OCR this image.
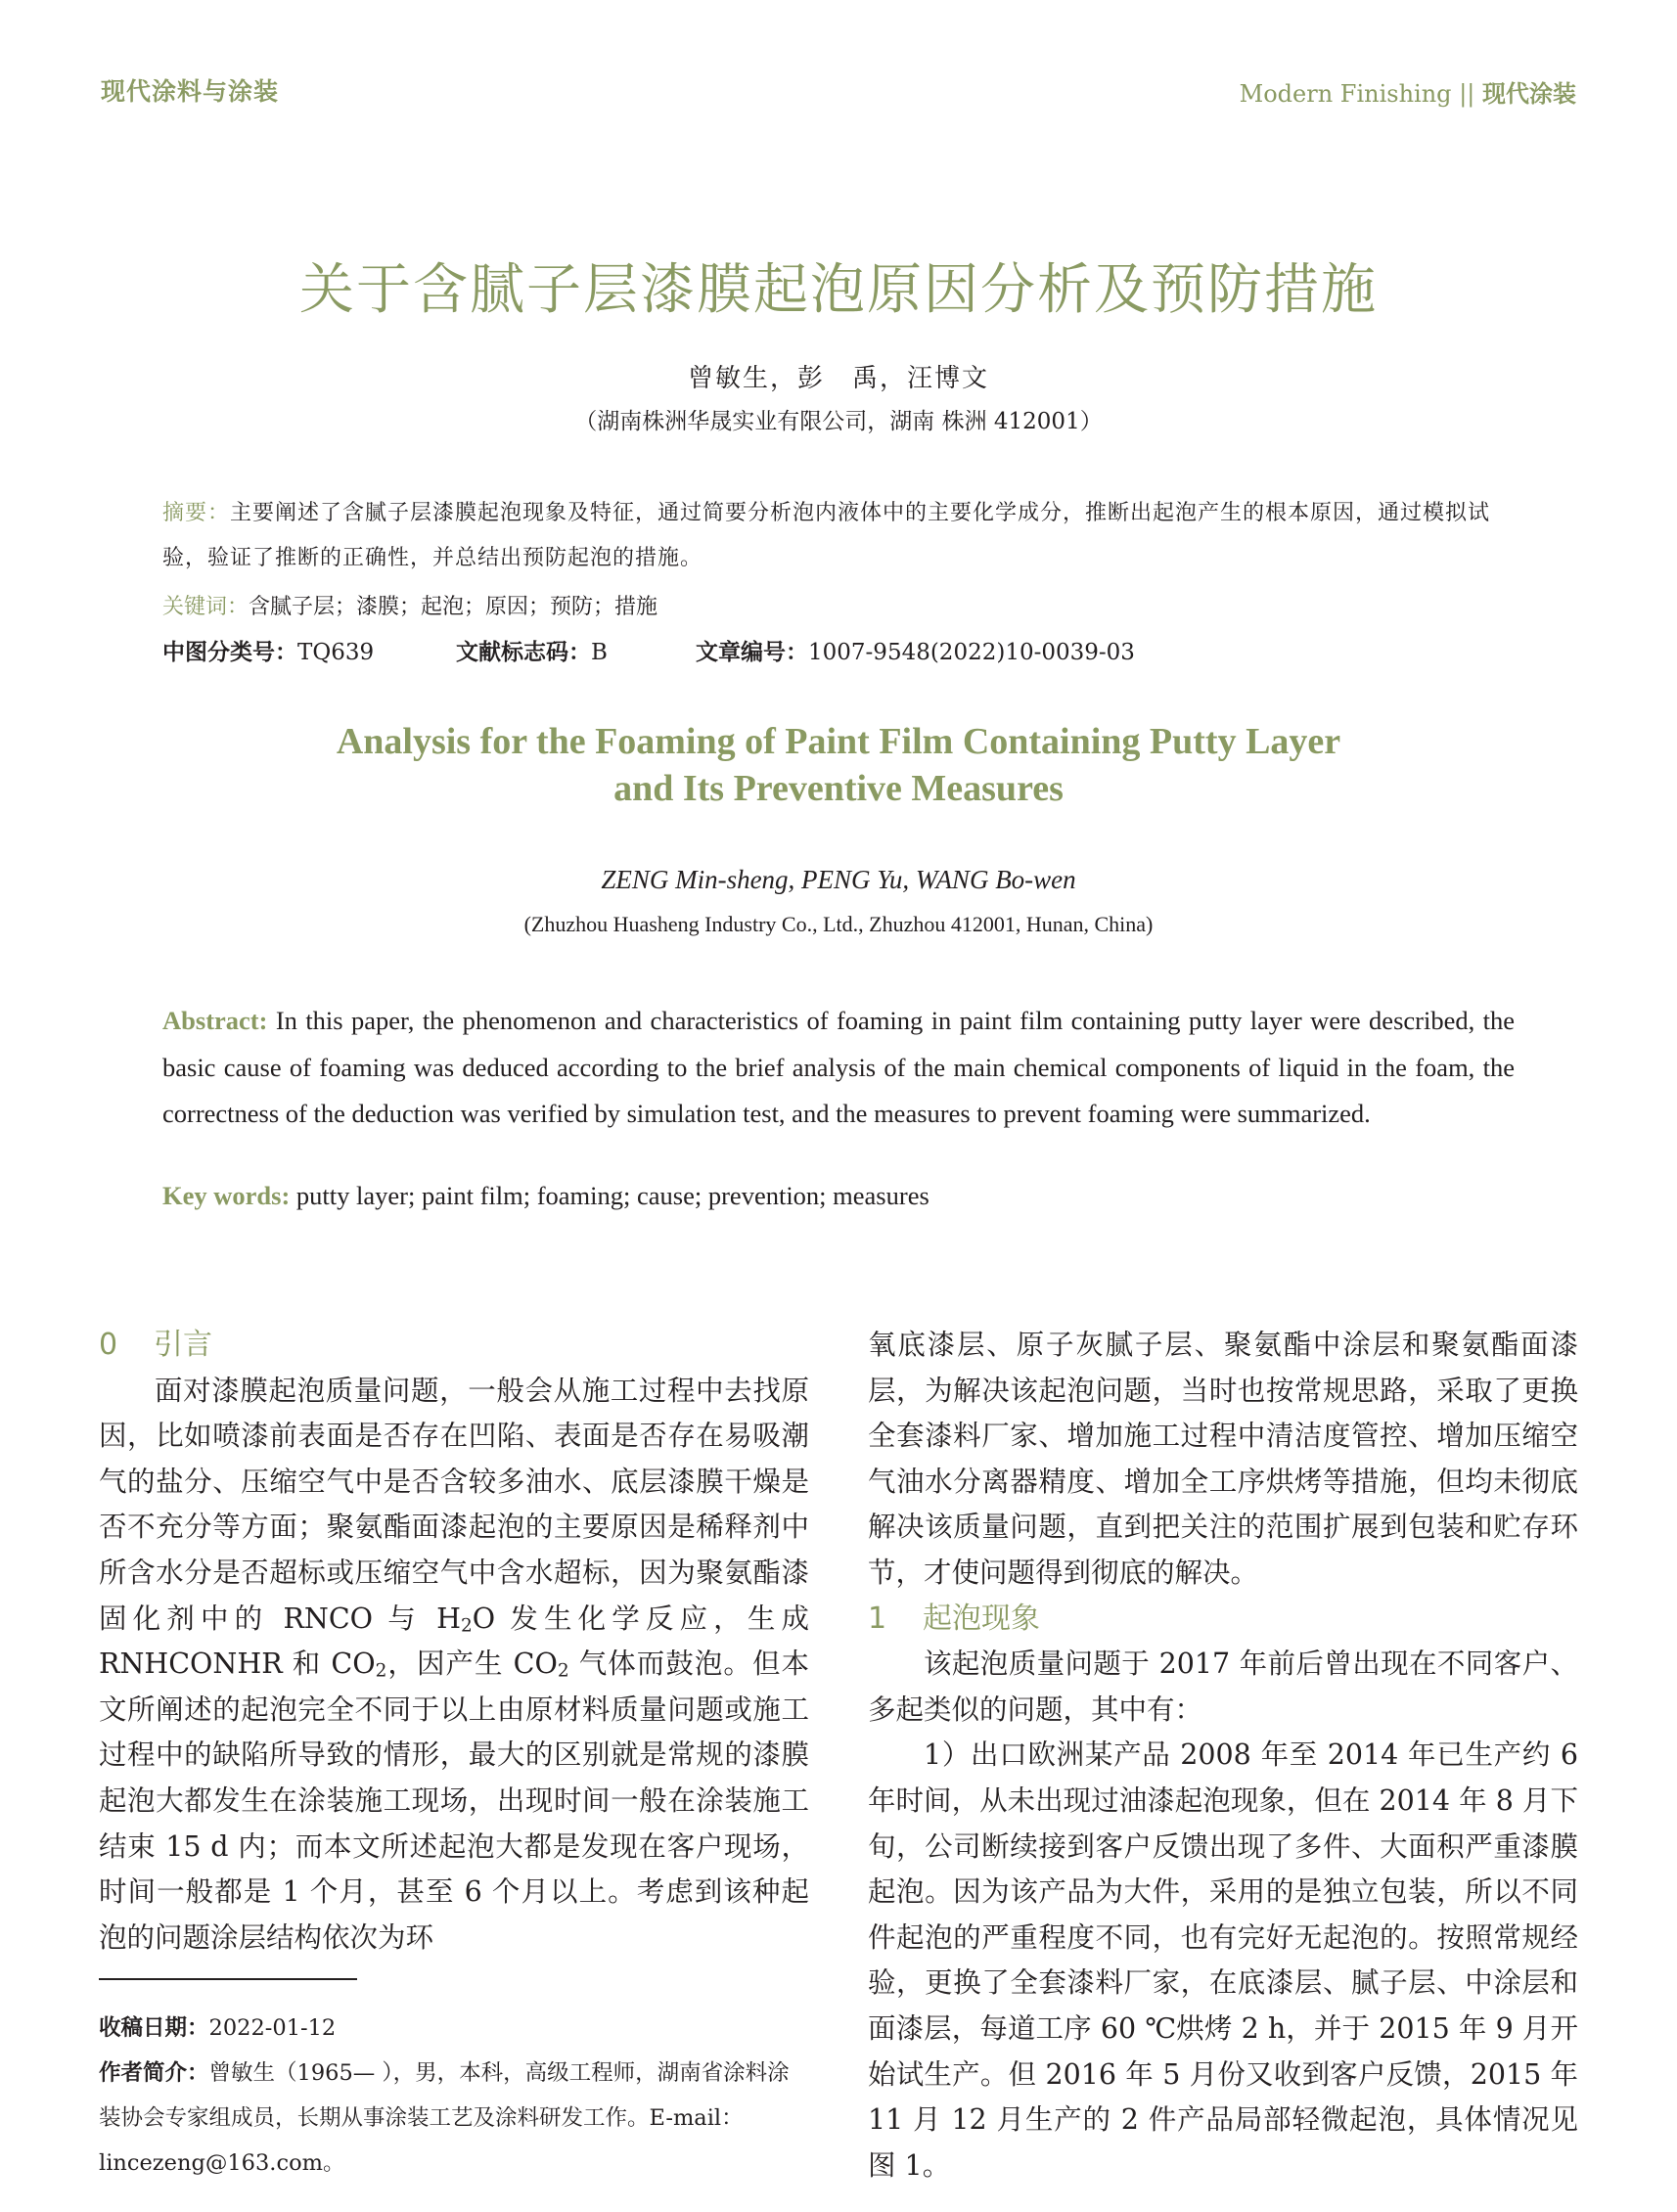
现代涂料与涂装	Modern Finishing || 现代涂装
关于含腻子层漆膜起泡原因分析及预防措施
曾敏生，彭　禹，汪博文
（湖南株洲华晟实业有限公司，湖南 株洲 412001）
摘要：主要阐述了含腻子层漆膜起泡现象及特征，通过简要分析泡内液体中的主要化学成分，推断出起泡产生的根本原因，通过模拟试验，验证了推断的正确性，并总结出预防起泡的措施。
关键词：含腻子层；漆膜；起泡；原因；预防；措施
中图分类号：TQ639	文献标志码：B	文章编号：1007-9548(2022)10-0039-03
Analysis for the Foaming of Paint Film Containing Putty Layer
and Its Preventive Measures
ZENG Min-sheng, PENG Yu, WANG Bo-wen
(Zhuzhou Huasheng Industry Co., Ltd., Zhuzhou 412001, Hunan, China)
Abstract: In this paper, the phenomenon and characteristics of foaming in paint film containing putty layer were described, the basic cause of foaming was deduced according to the brief analysis of the main chemical components of liquid in the foam, the correctness of the deduction was verified by simulation test, and the measures to prevent foaming were summarized.
Key words: putty layer; paint film; foaming; cause; prevention; measures
0 引言

面对漆膜起泡质量问题，一般会从施工过程中去找原因，比如喷漆前表面是否存在凹陷、表面是否存在易吸潮气的盐分、压缩空气中是否含较多油水、底层漆膜干燥是否不充分等方面；聚氨酯面漆起泡的主要原因是稀释剂中所含水分是否超标或压缩空气中含水超标，因为聚氨酯漆固化剂中的 RNCO 与 $H_2O$ 发生化学反应，生成 RNHCONHR 和 $CO_2$，因产生 $CO_2$ 气体而鼓泡。但本文所阐述的起泡完全不同于以上由原材料质量问题或施工过程中的缺陷所导致的情形，最大的区别就是常规的漆膜起泡大都发生在涂装施工现场，出现时间一般在涂装施工结束 15 d 内；而本文所述起泡大都是发现在客户现场，时间一般都是 1 个月，甚至 6 个月以上。考虑到该种起泡的问题涂层结构依次为环

氧底漆层、原子灰腻子层、聚氨酯中涂层和聚氨酯面漆层，为解决该起泡问题，当时也按常规思路，采取了更换全套漆料厂家、增加施工过程中清洁度管控、增加压缩空气油水分离器精度、增加全工序烘烤等措施，但均未彻底解决该质量问题，直到把关注的范围扩展到包装和贮存环节，才使问题得到彻底的解决。

1 起泡现象

该起泡质量问题于 2017 年前后曾出现在不同客户、多起类似的问题，其中有：

1）出口欧洲某产品 2008 年至 2014 年已生产约 6 年时间，从未出现过油漆起泡现象，但在 2014 年 8 月下旬，公司断续接到客户反馈出现了多件、大面积严重漆膜起泡。因为该产品为大件，采用的是独立包装，所以不同件起泡的严重程度不同，也有完好无起泡的。按照常规经验，更换了全套漆料厂家，在底漆层、腻子层、中涂层和面漆层，每道工序 60 ℃烘烤 2 h，并于 2015 年 9 月开始试生产。但 2016 年 5 月份又收到客户反馈，2015 年 11 月 12 月生产的 2 件产品局部轻微起泡，具体情况见图 1。

收稿日期：2022-01-12
作者简介：曾敏生（1965— ），男，本科，高级工程师，湖南省涂料涂装协会专家组成员，长期从事涂装工艺及涂料研发工作。E-mail：lincezeng@163.com。
